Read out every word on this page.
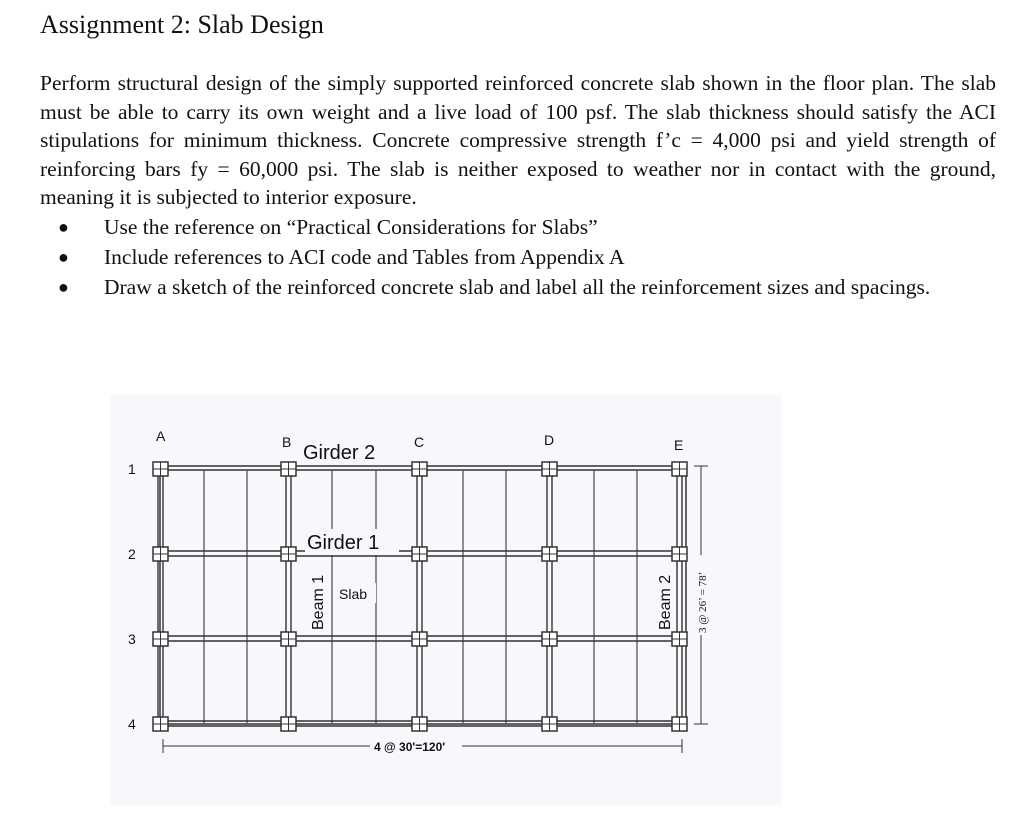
Assignment 2: Slab Design
Perform structural design of the simply supported reinforced concrete slab shown in the floor plan. The slab must be able to carry its own weight and a live load of 100 psf. The slab thickness should satisfy the ACI stipulations for minimum thickness. Concrete compressive strength f’c = 4,000 psi and yield strength of reinforcing bars fy = 60,000 psi. The slab is neither exposed to weather nor in contact with the ground, meaning it is subjected to interior exposure.
● Use the reference on “Practical Considerations for Slabs”
● Include references to ACI code and Tables from Appendix A
● Draw a sketch of the reinforced concrete slab and label all the reinforcement sizes and spacings.
A	B	C	D	E
1
2
3
4
Girder 2
Girder 1
Slab
Beam 1	Beam 2
4 @ 30'=120'
3 @ 26’ = 78’
